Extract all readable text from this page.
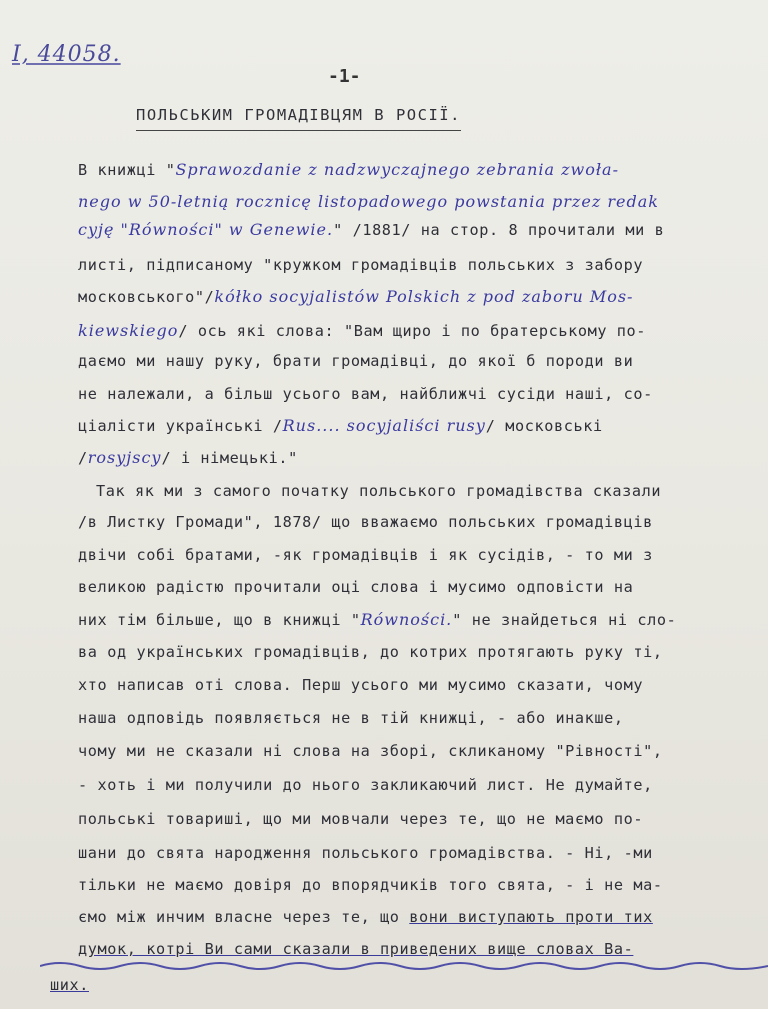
I, 44058.
-1-
ПОЛЬСЬКИМ ГРОМАДІВЦЯМ В РОСІЇ.
В книжці "Sprawozdanie z nadzwyczajnego zebrania zwoła-
nego w 50-letnią rocznicę listopadowego powstania przez redak
cyję "Równości" w Genewie." /1881/ на стор. 8 прочитали ми в
листі, підписаному "кружком громадівців польських з забору
московського"/kółko socyjalistów Polskich z pod zaboru Mos-
kiewskiego/ ось які слова: "Вам щиро і по братерському по-
даємо ми нашу руку, брати громадівці, до якої б породи ви
не належали, а більш усього вам, найближчі сусіди наші, со-
ціалісти українські /Rus.... socyjaliści rusy/ московські
/rosyjscy/ і німецькі."
Так як ми з самого початку польського громадівства сказали
/в Листку Громади", 1878/ що вважаємо польських громадівців
двічи собі братами, -як громадівців і як сусідів, - то ми з
великою радістю прочитали оці слова і мусимо одповісти на
них тім більше, що в книжці "Równości." не знайдеться ні сло-
ва од українських громадівців, до котрих протягають руку ті,
хто написав оті слова. Перш усього ми мусимо сказати, чому
наша одповідь появляється не в тій книжці, - або инакше,
чому ми не сказали ні слова на зборі, скликаному "Рівності",
- хоть і ми получили до нього закликаючий лист. Не думайте,
польські товариші, що ми мовчали через те, що не маємо по-
шани до свята народження польського громадівства. - Ні, -ми
тільки не маємо довіря до впорядчиків того свята, - і не ма-
ємо між инчим власне через те, що вони виступають проти тих
думок, котрі Ви сами сказали в приведених вище словах Ва-
ших.
